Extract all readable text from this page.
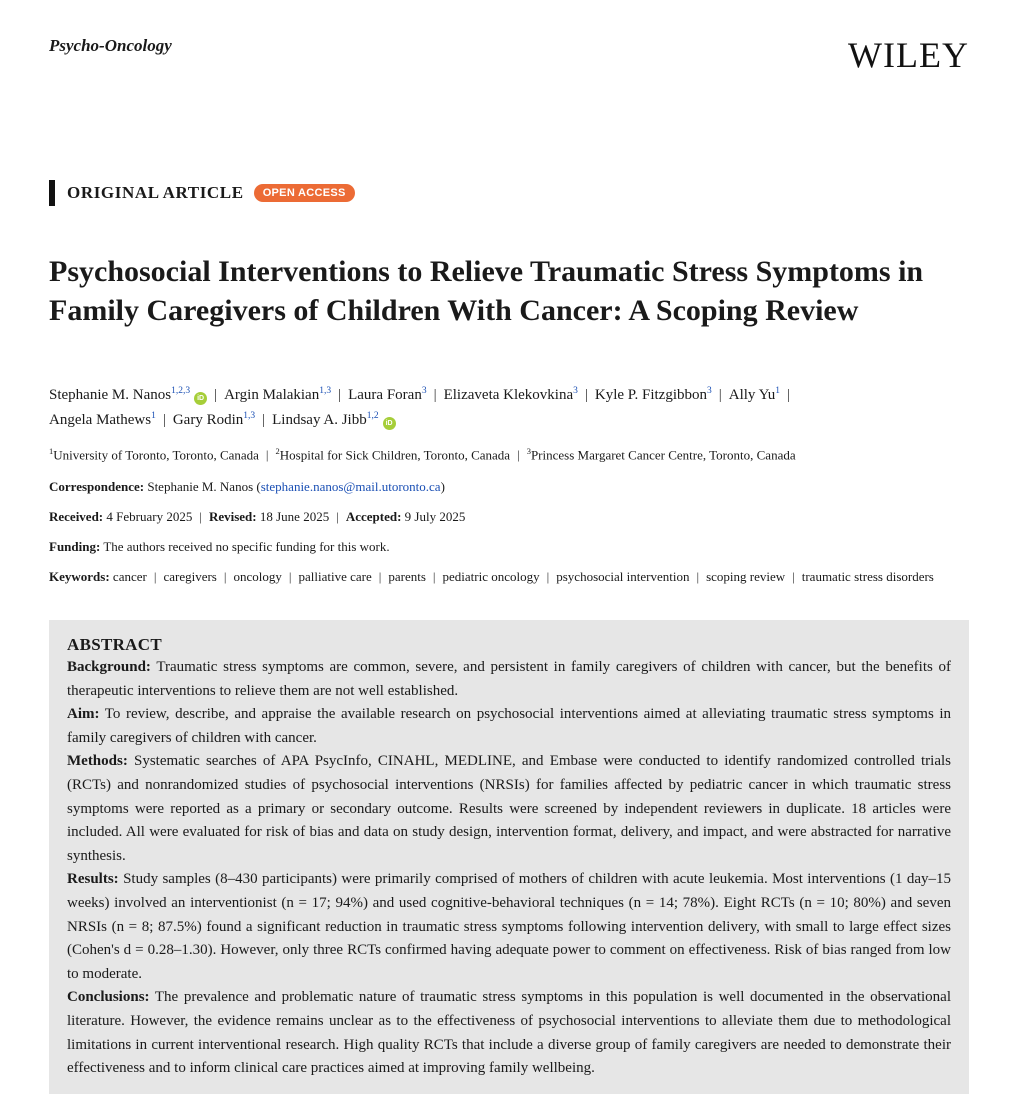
Psycho-Oncology	WILEY
ORIGINAL ARTICLE	OPEN ACCESS
Psychosocial Interventions to Relieve Traumatic Stress Symptoms in Family Caregivers of Children With Cancer: A Scoping Review
Stephanie M. Nanos$^{1,2,3}$iD | Argin Malakian$^{1,3}$ | Laura Foran$^3$ | Elizaveta Klekovkina$^3$ | Kyle P. Fitzgibbon$^3$ | Ally Yu$^1$ |
Angela Mathews$^1$ | Gary Rodin$^{1,3}$ | Lindsay A. Jibb$^{1,2}$iD
$^1$University of Toronto, Toronto, Canada | $^2$Hospital for Sick Children, Toronto, Canada | $^3$Princess Margaret Cancer Centre, Toronto, Canada
Correspondence: Stephanie M. Nanos (stephanie.nanos@mail.utoronto.ca)
Received: 4 February 2025 | Revised: 18 June 2025 | Accepted: 9 July 2025
Funding: The authors received no specific funding for this work.
Keywords: cancer | caregivers | oncology | palliative care | parents | pediatric oncology | psychosocial intervention | scoping review | traumatic stress disorders
ABSTRACT

Background: Traumatic stress symptoms are common, severe, and persistent in family caregivers of children with cancer, but the benefits of therapeutic interventions to relieve them are not well established.

Aim: To review, describe, and appraise the available research on psychosocial interventions aimed at alleviating traumatic stress symptoms in family caregivers of children with cancer.

Methods: Systematic searches of APA PsycInfo, CINAHL, MEDLINE, and Embase were conducted to identify randomized controlled trials (RCTs) and nonrandomized studies of psychosocial interventions (NRSIs) for families affected by pediatric cancer in which traumatic stress symptoms were reported as a primary or secondary outcome. Results were screened by independent reviewers in duplicate. 18 articles were included. All were evaluated for risk of bias and data on study design, intervention format, delivery, and impact, and were abstracted for narrative synthesis.

Results: Study samples (8–430 participants) were primarily comprised of mothers of children with acute leukemia. Most interventions (1 day–15 weeks) involved an interventionist (n = 17; 94%) and used cognitive-behavioral techniques (n = 14; 78%). Eight RCTs (n = 10; 80%) and seven NRSIs (n = 8; 87.5%) found a significant reduction in traumatic stress symptoms following intervention delivery, with small to large effect sizes (Cohen's d = 0.28–1.30). However, only three RCTs confirmed having adequate power to comment on effectiveness. Risk of bias ranged from low to moderate.

Conclusions: The prevalence and problematic nature of traumatic stress symptoms in this population is well documented in the observational literature. However, the evidence remains unclear as to the effectiveness of psychosocial interventions to alleviate them due to methodological limitations in current interventional research. High quality RCTs that include a diverse group of family caregivers are needed to demonstrate their effectiveness and to inform clinical care practices aimed at improving family wellbeing.
